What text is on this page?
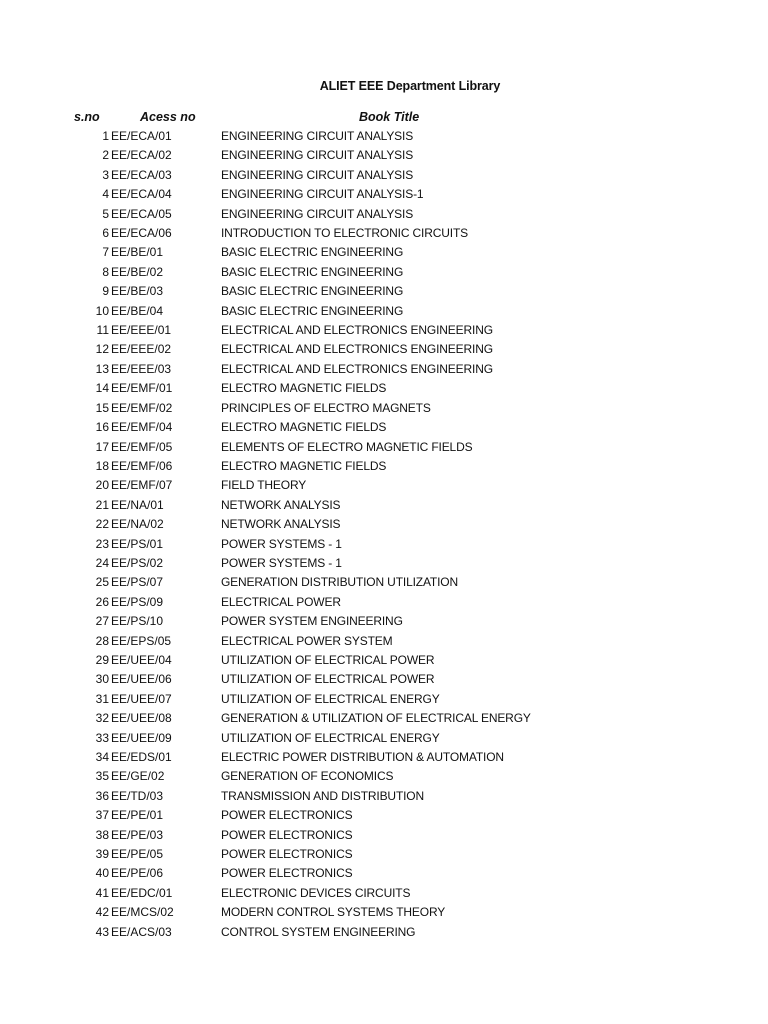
ALIET EEE Department Library
s.no	Acess no	Book Title
1 EE/ECA/01	ENGINEERING CIRCUIT ANALYSIS
2 EE/ECA/02	ENGINEERING CIRCUIT ANALYSIS
3 EE/ECA/03	ENGINEERING CIRCUIT ANALYSIS
4 EE/ECA/04	ENGINEERING CIRCUIT ANALYSIS-1
5 EE/ECA/05	ENGINEERING CIRCUIT ANALYSIS
6 EE/ECA/06	INTRODUCTION TO ELECTRONIC CIRCUITS
7 EE/BE/01	BASIC ELECTRIC ENGINEERING
8 EE/BE/02	BASIC ELECTRIC ENGINEERING
9 EE/BE/03	BASIC ELECTRIC ENGINEERING
10 EE/BE/04	BASIC ELECTRIC ENGINEERING
11 EE/EEE/01	ELECTRICAL AND ELECTRONICS ENGINEERING
12 EE/EEE/02	ELECTRICAL AND ELECTRONICS ENGINEERING
13 EE/EEE/03	ELECTRICAL AND ELECTRONICS ENGINEERING
14 EE/EMF/01	ELECTRO MAGNETIC FIELDS
15 EE/EMF/02	PRINCIPLES OF ELECTRO MAGNETS
16 EE/EMF/04	ELECTRO MAGNETIC FIELDS
17 EE/EMF/05	ELEMENTS OF ELECTRO MAGNETIC FIELDS
18 EE/EMF/06	ELECTRO MAGNETIC FIELDS
20 EE/EMF/07	FIELD THEORY
21 EE/NA/01	NETWORK ANALYSIS
22 EE/NA/02	NETWORK ANALYSIS
23 EE/PS/01	POWER SYSTEMS - 1
24 EE/PS/02	POWER SYSTEMS - 1
25 EE/PS/07	GENERATION DISTRIBUTION UTILIZATION
26 EE/PS/09	ELECTRICAL POWER
27 EE/PS/10	POWER SYSTEM ENGINEERING
28 EE/EPS/05	ELECTRICAL POWER SYSTEM
29 EE/UEE/04	UTILIZATION OF ELECTRICAL POWER
30 EE/UEE/06	UTILIZATION OF ELECTRICAL POWER
31 EE/UEE/07	UTILIZATION OF ELECTRICAL ENERGY
32 EE/UEE/08	GENERATION & UTILIZATION OF ELECTRICAL ENERGY
33 EE/UEE/09	UTILIZATION OF ELECTRICAL ENERGY
34 EE/EDS/01	ELECTRIC POWER DISTRIBUTION & AUTOMATION
35 EE/GE/02	GENERATION OF ECONOMICS
36 EE/TD/03	TRANSMISSION AND DISTRIBUTION
37 EE/PE/01	POWER ELECTRONICS
38 EE/PE/03	POWER ELECTRONICS
39 EE/PE/05	POWER ELECTRONICS
40 EE/PE/06	POWER ELECTRONICS
41 EE/EDC/01	ELECTRONIC DEVICES CIRCUITS
42 EE/MCS/02	MODERN CONTROL SYSTEMS THEORY
43 EE/ACS/03	CONTROL SYSTEM ENGINEERING
